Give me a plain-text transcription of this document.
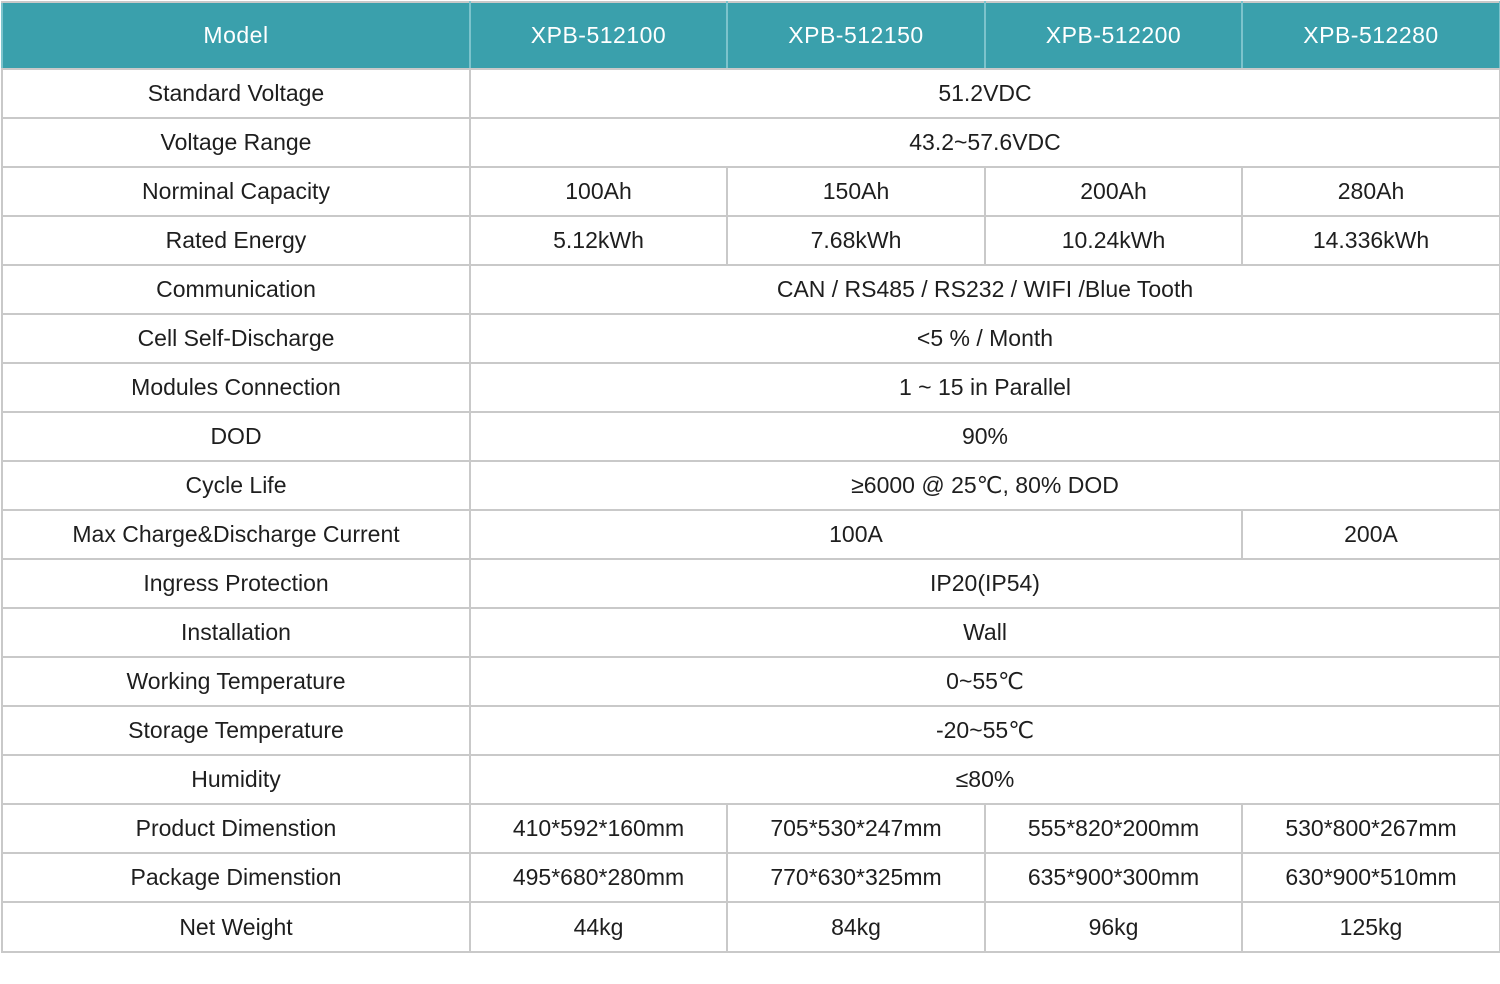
Model	XPB-512100	XPB-512150	XPB-512200	XPB-512280
Standard Voltage	51.2VDC			
Voltage Range	43.2~57.6VDC			
Norminal Capacity	100Ah	150Ah	200Ah	280Ah
Rated Energy	5.12kWh	7.68kWh	10.24kWh	14.336kWh
Communication	CAN / RS485 / RS232 / WIFI /Blue Tooth			
Cell Self-Discharge	<5 % / Month			
Modules Connection	1 ~ 15 in Parallel			
DOD	90%			
Cycle Life	≥6000 @ 25℃, 80% DOD			
Max Charge&Discharge Current	100A			200A
Ingress Protection	IP20(IP54)			
Installation	Wall			
Working Temperature	0~55℃			
Storage Temperature	-20~55℃			
Humidity	≤80%			
Product Dimenstion	410*592*160mm	705*530*247mm	555*820*200mm	530*800*267mm
Package Dimenstion	495*680*280mm	770*630*325mm	635*900*300mm	630*900*510mm
Net Weight	44kg	84kg	96kg	125kg
